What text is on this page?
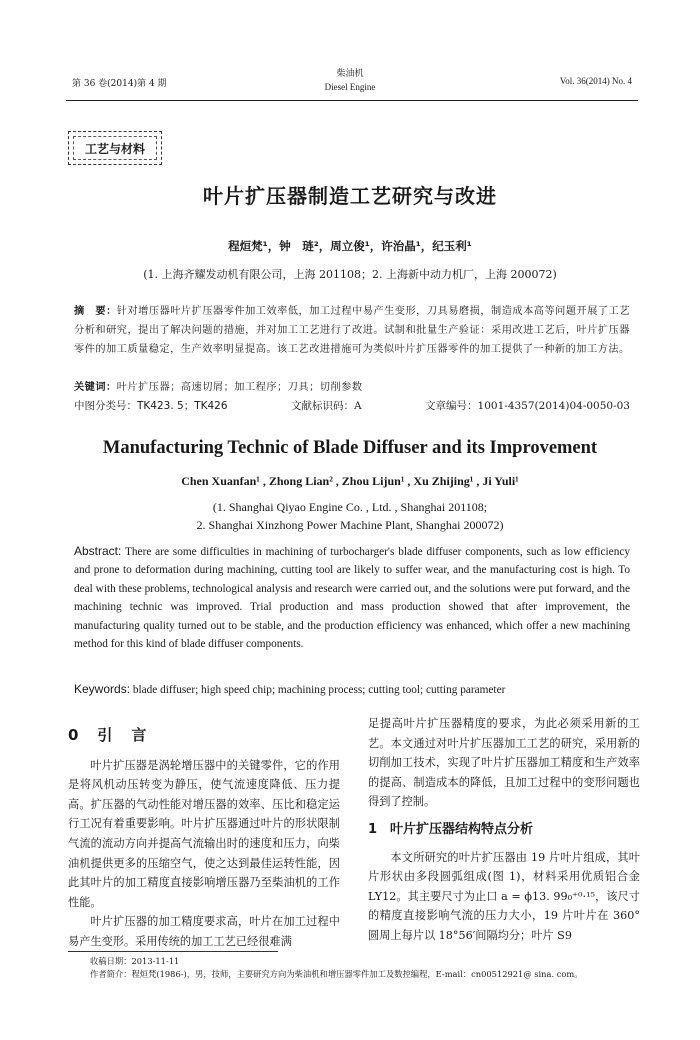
第 36 卷(2014)第 4 期
柴油机
Diesel Engine
Vol. 36(2014) No. 4
工艺与材料
叶片扩压器制造工艺研究与改进
程烜梵¹，钟　琏²，周立俊¹，许治晶¹，纪玉利¹
(1. 上海齐耀发动机有限公司，上海 201108；2. 上海新中动力机厂，上海 200072)
摘　要：针对增压器叶片扩压器零件加工效率低，加工过程中易产生变形，刀具易磨损，制造成本高等问题开展了工艺分析和研究，提出了解决问题的措施，并对加工工艺进行了改进。试制和批量生产验证：采用改进工艺后，叶片扩压器零件的加工质量稳定，生产效率明显提高。该工艺改进措施可为类似叶片扩压器零件的加工提供了一种新的加工方法。
关键词：叶片扩压器；高速切屑；加工程序；刀具；切削参数
中图分类号：TK423. 5；TK426	文献标识码：A	文章编号：1001-4357(2014)04-0050-03
Manufacturing Technic of Blade Diffuser and its Improvement
Chen Xuanfan¹ , Zhong Lian² , Zhou Lijun¹ , Xu Zhijing¹ , Ji Yuli¹
(1. Shanghai Qiyao Engine Co. , Ltd. , Shanghai 201108;
2. Shanghai Xinzhong Power Machine Plant, Shanghai 200072)
Abstract: There are some difficulties in machining of turbocharger's blade diffuser components, such as low efficiency and prone to deformation during machining, cutting tool are likely to suffer wear, and the manufacturing cost is high. To deal with these problems, technological analysis and research were carried out, and the solutions were put forward, and the machining technic was improved. Trial production and mass production showed that after improvement, the manufacturing quality turned out to be stable, and the production efficiency was enhanced, which offer a new machining method for this kind of blade diffuser components.
Keywords: blade diffuser; high speed chip; machining process; cutting tool; cutting parameter
0　引　言

叶片扩压器是涡轮增压器中的关键零件，它的作用是将风机动压转变为静压，使气流速度降低、压力提高。扩压器的气动性能对增压器的效率、压比和稳定运行工况有着重要影响。叶片扩压器通过叶片的形状限制气流的流动方向并提高气流输出时的速度和压力，向柴油机提供更多的压缩空气，使之达到最佳运转性能，因此其叶片的加工精度直接影响增压器乃至柴油机的工作性能。

叶片扩压器的加工精度要求高，叶片在加工过程中易产生变形。采用传统的加工工艺已经很难满

足提高叶片扩压器精度的要求，为此必须采用新的工艺。本文通过对叶片扩压器加工工艺的研究，采用新的切削加工技术，实现了叶片扩压器加工精度和生产效率的提高、制造成本的降低，且加工过程中的变形问题也得到了控制。

1　叶片扩压器结构特点分析

本文所研究的叶片扩压器由 19 片叶片组成，其叶片形状由多段圆弧组成(图 1)，材料采用优质铝合金 LY12。其主要尺寸为止口 a = ϕ13. 99₀⁺⁰·¹⁵，该尺寸的精度直接影响气流的压力大小，19 片叶片在 360°圆周上每片以 18°56′间隔均分；叶片 S9

收稿日期：2013-11-11
作者简介：程烜梵(1986-)，男，技师，主要研究方向为柴油机和增压器零件加工及数控编程，E-mail：cn00512921@ sina. com。
